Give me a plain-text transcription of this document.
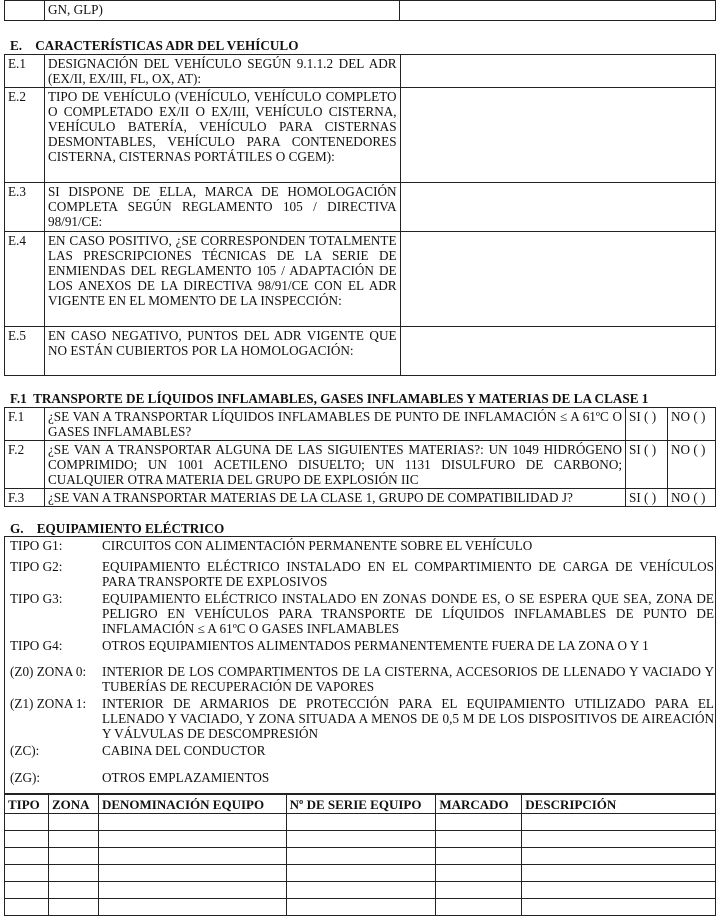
	GN, GLP)	
E.    CARACTERÍSTICAS ADR DEL VEHÍCULO
E.1	DESIGNACIÓN DEL VEHÍCULO SEGÚN 9.1.1.2 DEL ADR (EX/II, EX/III, FL, OX, AT):	
E.2	TIPO DE VEHÍCULO (VEHÍCULO, VEHÍCULO COMPLETO O COMPLETADO EX/II O EX/III, VEHÍCULO CISTERNA, VEHÍCULO BATERÍA, VEHÍCULO PARA CISTERNAS DESMONTABLES, VEHÍCULO PARA CONTENEDORES CISTERNA, CISTERNAS PORTÁTILES O CGEM):	
E.3	SI DISPONE DE ELLA, MARCA DE HOMOLOGACIÓN COMPLETA SEGÚN REGLAMENTO 105 / DIRECTIVA 98/91/CE:	
E.4	EN CASO POSITIVO, ¿SE CORRESPONDEN TOTALMENTE LAS PRESCRIPCIONES TÉCNICAS DE LA SERIE DE ENMIENDAS DEL REGLAMENTO 105 / ADAPTACIÓN DE LOS ANEXOS DE LA DIRECTIVA 98/91/CE CON EL ADR VIGENTE EN EL MOMENTO DE LA INSPECCIÓN:	
E.5	EN CASO NEGATIVO, PUNTOS DEL ADR VIGENTE QUE NO ESTÁN CUBIERTOS POR LA HOMOLOGACIÓN:	
F.1  TRANSPORTE DE LÍQUIDOS INFLAMABLES, GASES INFLAMABLES Y MATERIAS DE LA CLASE 1
F.1	¿SE VAN A TRANSPORTAR LÍQUIDOS INFLAMABLES DE PUNTO DE INFLAMACIÓN ≤ A 61ºC O GASES INFLAMABLES?	SI ( )	NO ( )
F.2	¿SE VAN A TRANSPORTAR ALGUNA DE LAS SIGUIENTES MATERIAS?: UN 1049 HIDRÓGENO COMPRIMIDO; UN 1001 ACETILENO DISUELTO; UN 1131 DISULFURO DE CARBONO; CUALQUIER OTRA MATERIA DEL GRUPO DE EXPLOSIÓN IIC	SI ( )	NO ( )
F.3	¿SE VAN A TRANSPORTAR MATERIAS DE LA CLASE 1, GRUPO DE COMPATIBILIDAD J?	SI ( )	NO ( )
G.    EQUIPAMIENTO ELÉCTRICO
TIPO G1:	CIRCUITOS CON ALIMENTACIÓN PERMANENTE SOBRE EL VEHÍCULO
TIPO G2:	EQUIPAMIENTO ELÉCTRICO INSTALADO EN EL COMPARTIMIENTO DE CARGA DE VEHÍCULOS PARA TRANSPORTE DE EXPLOSIVOS
TIPO G3:	EQUIPAMIENTO ELÉCTRICO INSTALADO EN ZONAS DONDE ES, O SE ESPERA QUE SEA, ZONA DE PELIGRO EN VEHÍCULOS PARA TRANSPORTE DE LÍQUIDOS INFLAMABLES DE PUNTO DE INFLAMACIÓN ≤ A 61ºC O GASES INFLAMABLES
TIPO G4:	OTROS EQUIPAMIENTOS ALIMENTADOS PERMANENTEMENTE FUERA DE LA ZONA O Y 1
(Z0) ZONA 0: INTERIOR DE LOS COMPARTIMENTOS DE LA CISTERNA, ACCESORIOS DE LLENADO Y VACIADO Y TUBERÍAS DE RECUPERACIÓN DE VAPORES
(Z1) ZONA 1: INTERIOR DE ARMARIOS DE PROTECCIÓN PARA EL EQUIPAMIENTO UTILIZADO PARA EL LLENADO Y VACIADO, Y ZONA SITUADA A MENOS DE 0,5 M DE LOS DISPOSITIVOS DE AIREACIÓN Y VÁLVULAS DE DESCOMPRESIÓN
(ZC):	CABINA DEL CONDUCTOR
(ZG):	OTROS EMPLAZAMIENTOS
TIPO	ZONA	DENOMINACIÓN EQUIPO	Nº DE SERIE EQUIPO	MARCADO	DESCRIPCIÓN
